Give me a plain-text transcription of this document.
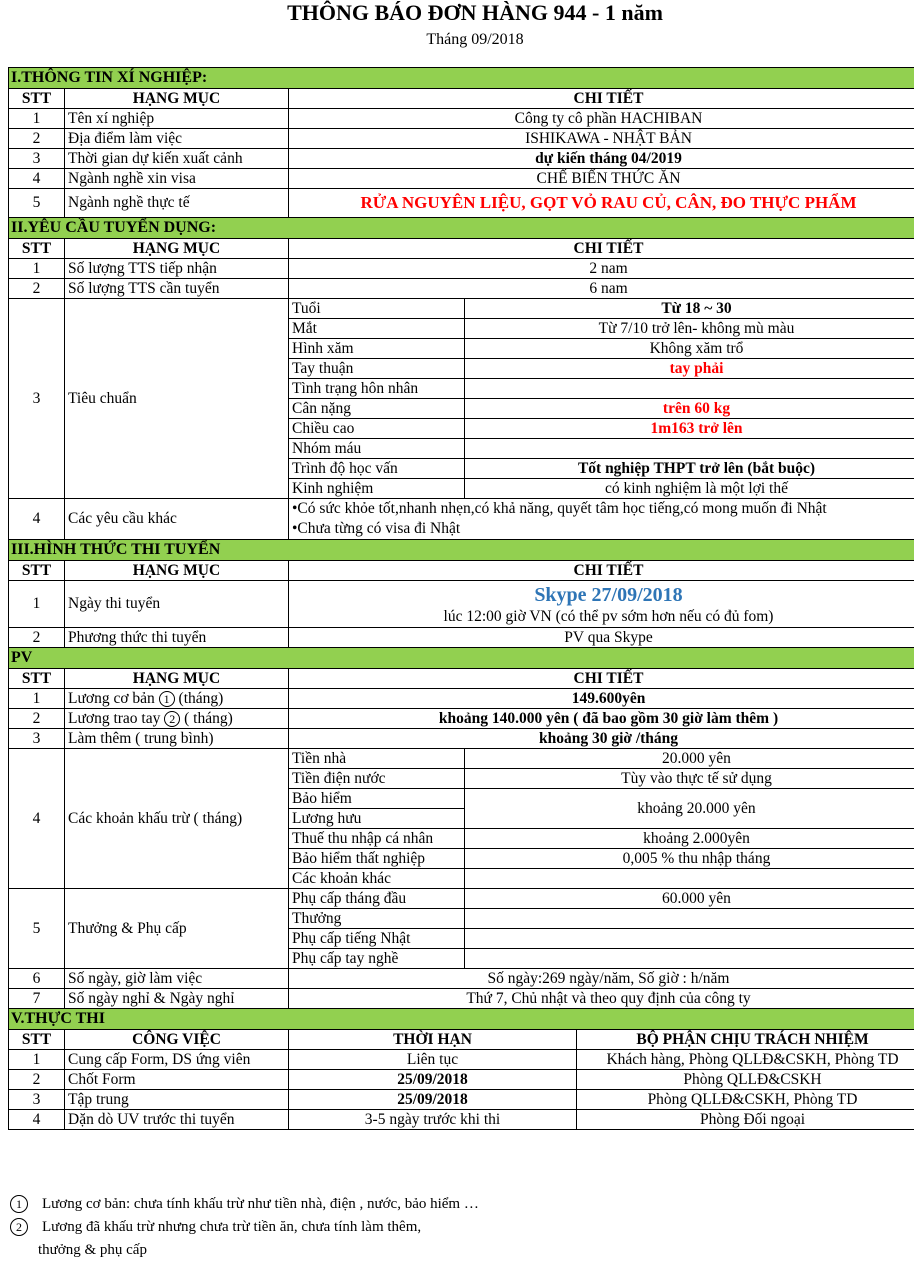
THÔNG BÁO ĐƠN HÀNG 944 - 1 năm
Tháng 09/2018
I.THÔNG TIN XÍ NGHIỆP:				
STT	HẠNG MỤC	CHI TIẾT		
1	Tên xí nghiệp	Công ty cô phần HACHIBAN		
2	Địa điểm làm việc	ISHIKAWA - NHẬT BẢN		
3	Thời gian dự kiến xuất cảnh	dự kiến tháng 04/2019		
4	Ngành nghề xin visa	CHẾ BIẾN THỨC ĂN		
5	Ngành nghề thực tế	RỬA NGUYÊN LIỆU, GỌT VỎ RAU CỦ, CÂN, ĐO THỰC PHẨM		
II.YÊU CẦU TUYỂN DỤNG:				
STT	HẠNG MỤC	CHI TIẾT		
1	Số lượng TTS tiếp nhận	2 nam		
2	Số lượng TTS cần tuyển	6 nam		
3	Tiêu chuẩn	Tuổi	Từ 18 ~ 30	
		Mắt	Từ 7/10 trở lên- không mù màu	
		Hình xăm	Không xăm trổ	
		Tay thuận	tay phải	
		Tình trạng hôn nhân		
		Cân nặng	trên 60 kg	
		Chiều cao	1m163 trở lên	
		Nhóm máu		
		Trình độ học vấn	Tốt nghiệp THPT trở lên (bắt buộc)	
		Kinh nghiệm	có kinh nghiệm là một lợi thế	
4	Các yêu cầu khác	•Có sức khỏe tốt,nhanh nhẹn,có khả năng, quyết tâm học tiếng,có mong muốn đi Nhật
•Chưa từng có visa đi Nhật		

III.HÌNH THỨC THI TUYỂN				
STT	HẠNG MỤC	CHI TIẾT		
1	Ngày thi tuyển	Skype 27/09/2018
lúc 12:00 giờ VN (có thể pv sớm hơn nếu có đủ fom)		

2	Phương thức thi tuyển	PV qua Skype		
PV				
STT	HẠNG MỤC	CHI TIẾT		
1	Lương cơ bản 1 (tháng)	149.600yên		
2	Lương trao tay 2 ( tháng)	khoảng 140.000 yên ( đã bao gồm 30 giờ làm thêm )		
3	Làm thêm ( trung bình)	khoảng 30 giờ /tháng		
4	Các khoản khấu trừ ( tháng)	Tiền nhà	20.000 yên	
		Tiền điện nước	Tùy vào thực tế sử dụng	
		Bảo hiểm	khoảng 20.000 yên	
		Lương hưu		
		Thuế thu nhập cá nhân	khoảng 2.000yên	
		Bảo hiểm thất nghiệp	0,005 % thu nhập tháng	
		Các khoản khác		
5	Thưởng & Phụ cấp	Phụ cấp tháng đầu	60.000 yên	
		Thưởng		
		Phụ cấp tiếng Nhật		
		Phụ cấp tay nghề		
6	Số ngày, giờ làm việc	Số ngày:269 ngày/năm, Số giờ : h/năm		
7	Số ngày nghỉ & Ngày nghỉ	Thứ 7, Chủ nhật và theo quy định của công ty		
V.THỰC THI				
STT	CÔNG VIỆC	THỜI HẠN		BỘ PHẬN CHỊU TRÁCH NHIỆM
1	Cung cấp Form, DS ứng viên	Liên tục		Khách hàng, Phòng QLLĐ&CSKH, Phòng TD
2	Chốt Form	25/09/2018		Phòng QLLĐ&CSKH
3	Tập trung	25/09/2018		Phòng QLLĐ&CSKH, Phòng TD
4	Dặn dò UV trước thi tuyển	3-5 ngày trước khi thi		Phòng Đối ngoại
1 Lương cơ bản: chưa tính khấu trừ như tiền nhà, điện , nước, bảo hiểm …
2 Lương đã khấu trừ nhưng chưa trừ tiền ăn, chưa tính làm thêm,
thưởng & phụ cấp
